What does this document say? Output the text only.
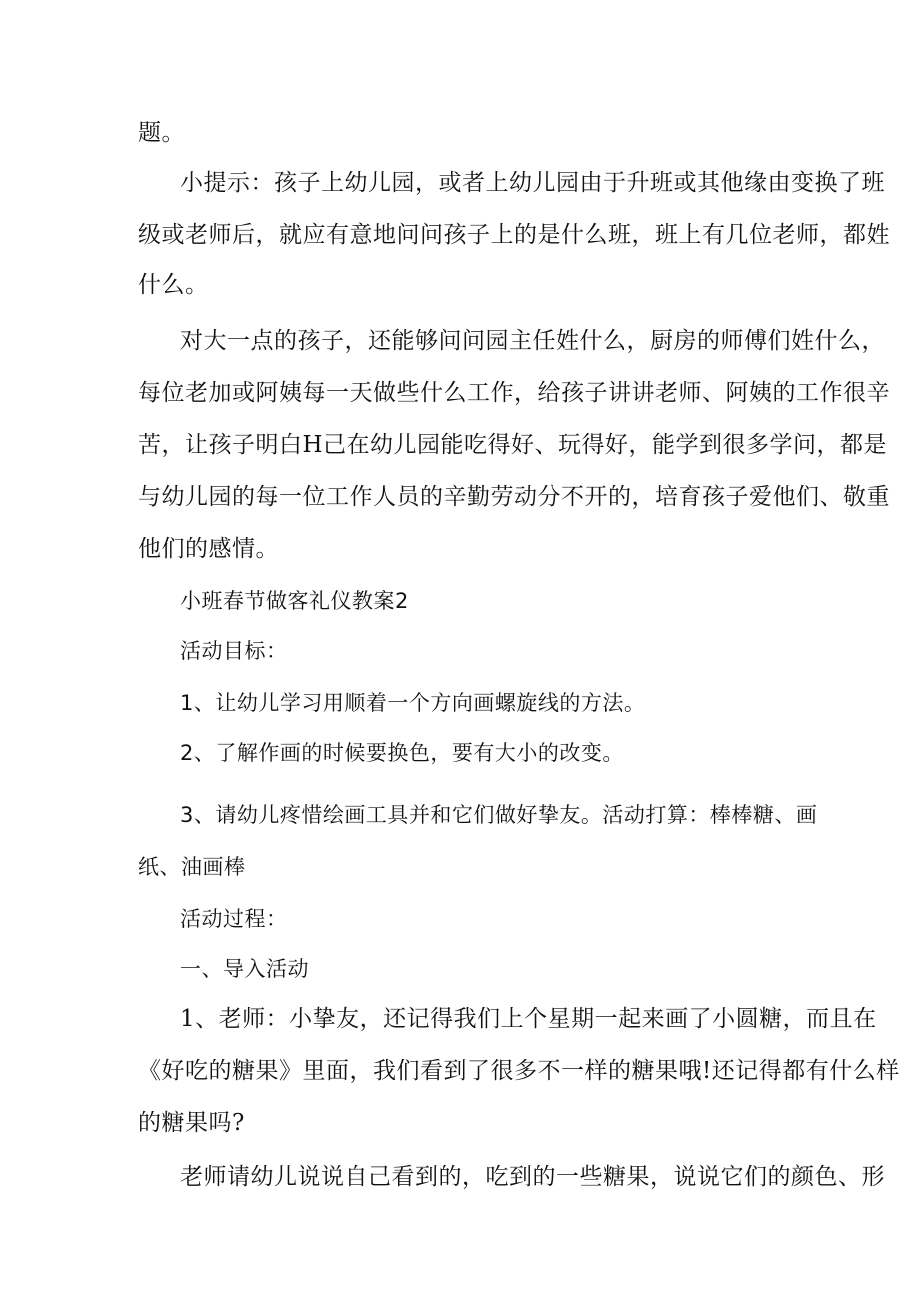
题。
小提示：孩子上幼儿园，或者上幼儿园由于升班或其他缘由变换了班
级或老师后，就应有意地问问孩子上的是什么班，班上有几位老师，都姓
什么。
对大一点的孩子，还能够问问园主任姓什么，厨房的师傅们姓什么，
每位老加或阿姨每一天做些什么工作，给孩子讲讲老师、阿姨的工作很辛
苦，让孩子明白H己在幼儿园能吃得好、玩得好，能学到很多学问，都是
与幼儿园的每一位工作人员的辛勤劳动分不开的，培育孩子爱他们、敬重
他们的感情。
小班春节做客礼仪教案2
活动目标：
1、让幼儿学习用顺着一个方向画螺旋线的方法。
2、了解作画的时候要换色，要有大小的改变。
3、请幼儿疼惜绘画工具并和它们做好挚友。活动打算：棒棒糖、画
纸、油画棒
活动过程：
一、导入活动
1、老师：小挚友，还记得我们上个星期一起来画了小圆糖，而且在
《好吃的糖果》里面，我们看到了很多不一样的糖果哦!还记得都有什么样
的糖果吗?
老师请幼儿说说自己看到的，吃到的一些糖果，说说它们的颜色、形
